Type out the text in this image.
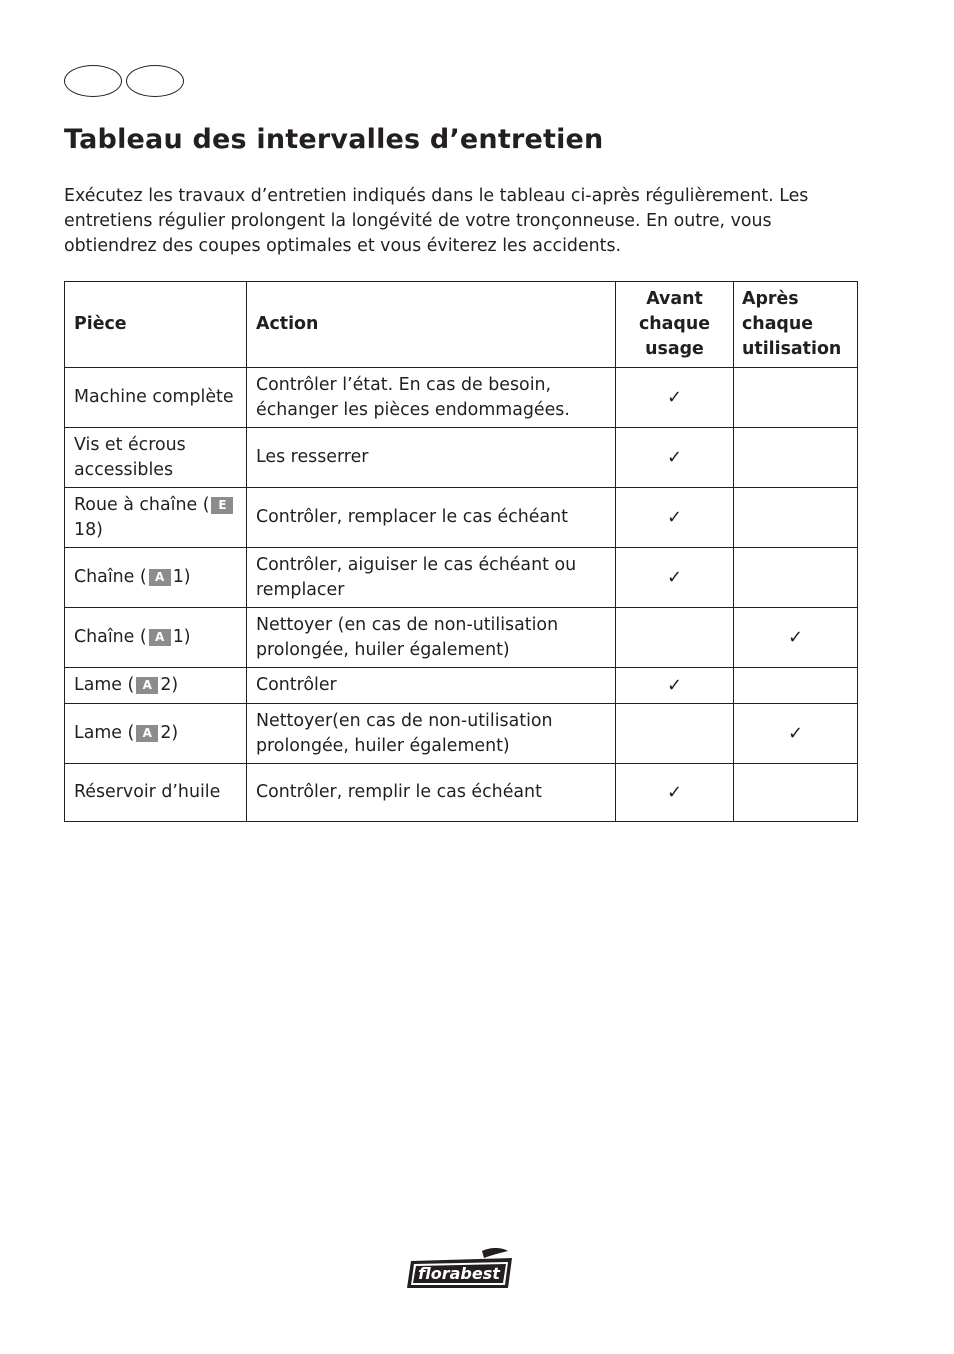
Tableau des intervalles d’entretien

Exécutez les travaux d’entretien indiqués dans le tableau ci-après régulièrement. Les entretiens régulier prolongent la longévité de votre tronçonneuse. En outre, vous obtiendrez des coupes optimales et vous éviterez les accidents.

Pièce	Action	Avant chaque usage	Après chaque utilisation
Machine complète	Contrôler l’état. En cas de besoin, échanger les pièces endommagées.	✓	
Vis et écrous accessibles	Les resserrer	✓	
Roue à chaîne ( E18)	Contrôler, remplacer le cas échéant	✓	
Chaîne ( A 1)	Contrôler, aiguiser le cas échéant ou remplacer	✓	
Chaîne ( A 1)	Nettoyer (en cas de non-utilisation prolongée, huiler également)		✓
Lame ( A 2)	Contrôler	✓	
Lame ( A 2)	Nettoyer(en cas de non-utilisation prolongée, huiler également)		✓
Réservoir d’huile	Contrôler, remplir le cas échéant	✓	
florabest
